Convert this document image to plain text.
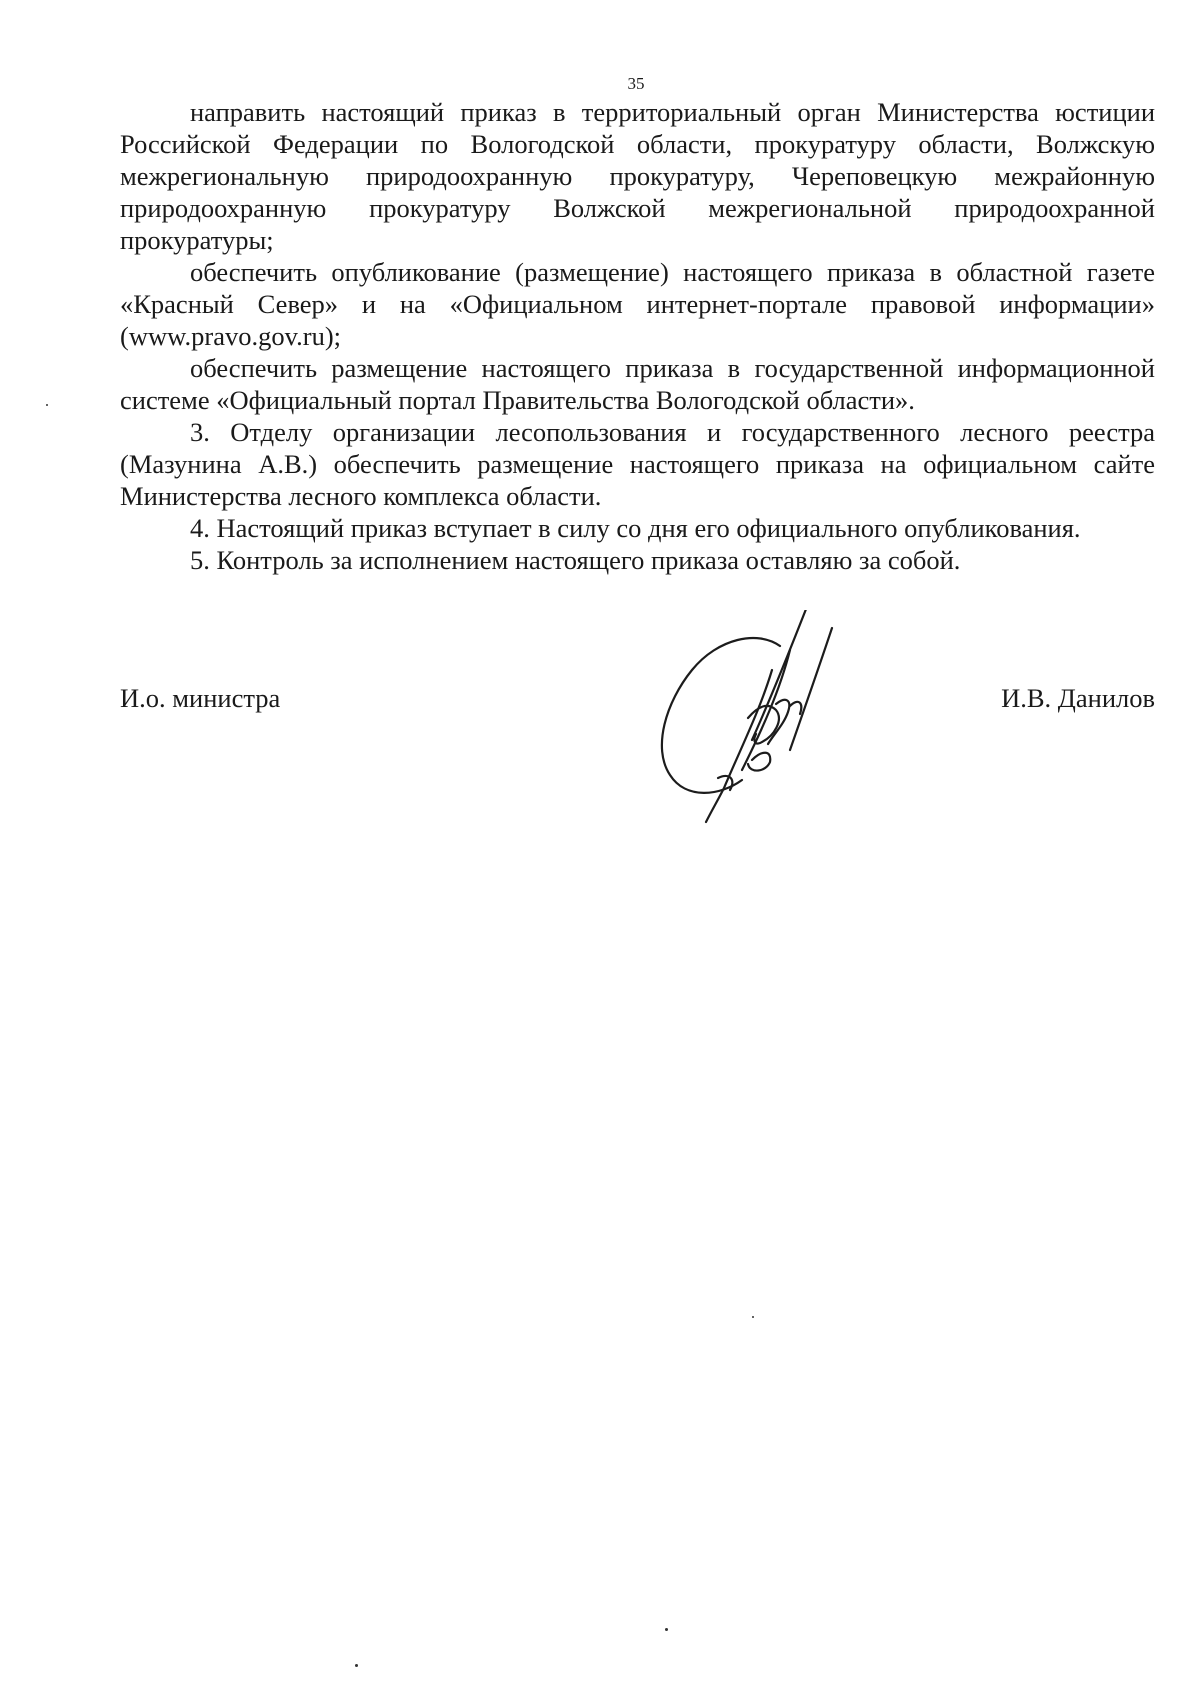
35

направить настоящий приказ в территориальный орган Министерства юстиции Российской Федерации по Вологодской области, прокуратуру области, Волжскую межрегиональную природоохранную прокуратуру, Череповецкую межрайонную природоохранную прокуратуру Волжской межрегиональной природоохранной прокуратуры;

обеспечить опубликование (размещение) настоящего приказа в областной газете «Красный Север» и на «Официальном интернет-портале правовой информации» (www.pravo.gov.ru);

обеспечить размещение настоящего приказа в государственной информационной системе «Официальный портал Правительства Вологодской области».

3. Отделу организации лесопользования и государственного лесного реестра (Мазунина А.В.) обеспечить размещение настоящего приказа на официальном сайте Министерства лесного комплекса области.

4. Настоящий приказ вступает в силу со дня его официального опубликования.

5. Контроль за исполнением настоящего приказа оставляю за собой.

И.о. министра	И.В. Данилов
